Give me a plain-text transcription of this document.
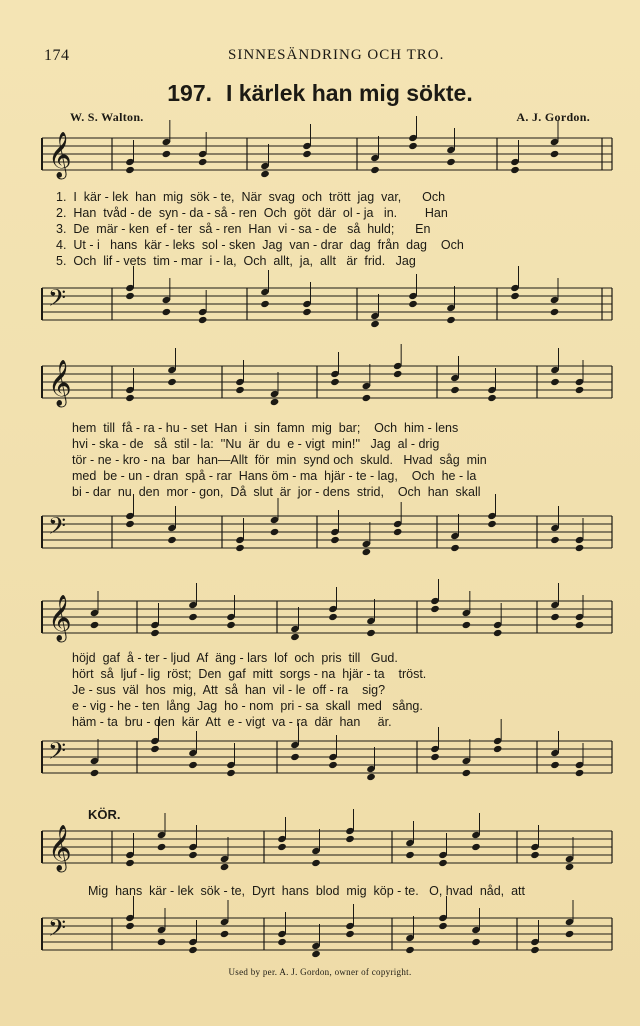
174	SINNESÄNDRING OCH TRO.
197. I kärlek han mig sökte.
W. S. Walton.	A. J. Gordon.
𝄞
1.  I  kär - lek  han  mig  sök - te,  När  svag  och  trött  jag  var,      Och
2.  Han  tvåd - de  syn - da - så - ren  Och  göt  där  ol - ja   in.        Han
3.  De  mär - ken  ef - ter  så - ren  Han  vi - sa - de   så  huld;      En
4.  Ut - i   hans  kär - leks  sol - sken  Jag  van - drar  dag  från  dag    Och
5.  Och  lif - vets  tim - mar  i - la,  Och  allt,  ja,  allt   är  frid.   Jag
𝄢
𝄞
hem  till  få - ra - hu - set  Han  i  sin  famn  mig  bar;    Och  him - lens
hvi - ska - de   så  stil - la:  ''Nu  är  du  e - vigt  min!''   Jag  al - drig
tör - ne - kro - na  bar  han—Allt  för  min  synd och  skuld.   Hvad  såg  min
med  be - un - dran  spå - rar  Hans öm - ma  hjär - te - lag,    Och  he - la
bi - dar  nu  den  mor - gon,  Då  slut  är  jor - dens  strid,    Och  han  skall
𝄢
𝄞
höjd  gaf  å - ter - ljud  Af  äng - lars  lof  och  pris  till   Gud.
hört  så  ljuf - lig  röst;  Den  gaf  mitt  sorgs - na  hjär - ta    tröst.
Je - sus  väl  hos  mig,  Att  så  han  vil - le  off - ra    sig?
e - vig - he - ten  lång  Jag  ho - nom  pri - sa  skall  med   sång.
häm - ta  bru - den  kär  Att  e - vigt  va - ra  där  han     är.
𝄢
KÖR.
𝄞
Mig  hans  kär - lek  sök - te,  Dyrt  hans  blod  mig  köp - te.   O, hvad  nåd,  att
𝄢
Used by per. A. J. Gordon, owner of copyright.
